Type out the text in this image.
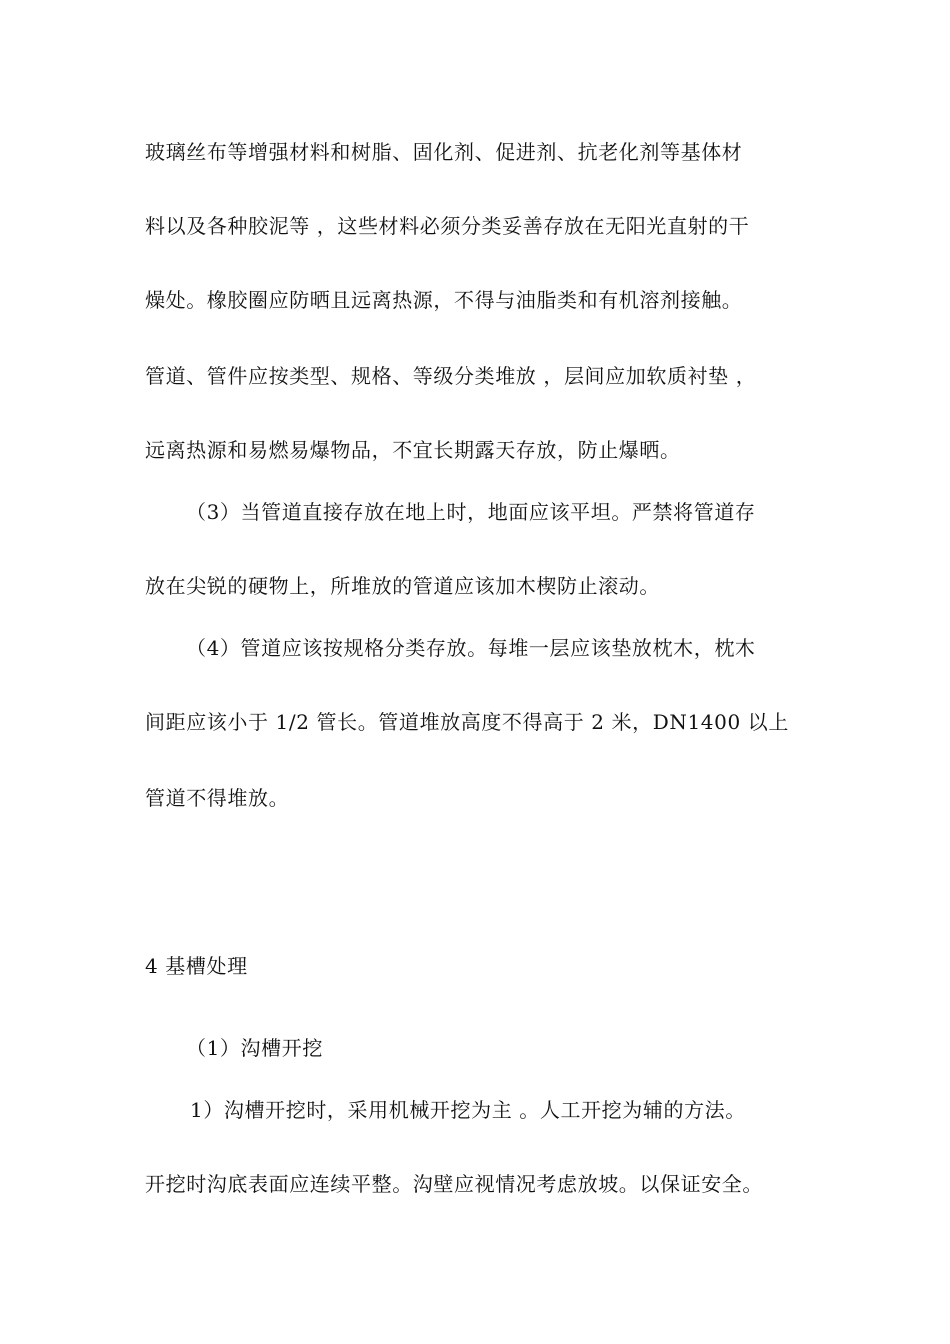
玻璃丝布等增强材料和树脂、固化剂、促进剂、抗老化剂等基体材
料以及各种胶泥等 ，这些材料必须分类妥善存放在无阳光直射的干
燥处。橡胶圈应防晒且远离热源，不得与油脂类和有机溶剂接触。
管道、管件应按类型、规格、等级分类堆放 ，层间应加软质衬垫 ，
远离热源和易燃易爆物品，不宜长期露天存放，防止爆晒。
（3）当管道直接存放在地上时，地面应该平坦。严禁将管道存
放在尖锐的硬物上，所堆放的管道应该加木楔防止滚动。
（4）管道应该按规格分类存放。每堆一层应该垫放枕木，枕木
间距应该小于 1/2 管长。管道堆放高度不得高于 2 米，DN1400 以上
管道不得堆放。
4 基槽处理
（1）沟槽开挖
1）沟槽开挖时，采用机械开挖为主 。人工开挖为辅的方法。
开挖时沟底表面应连续平整。沟壁应视情况考虑放坡。以保证安全。
